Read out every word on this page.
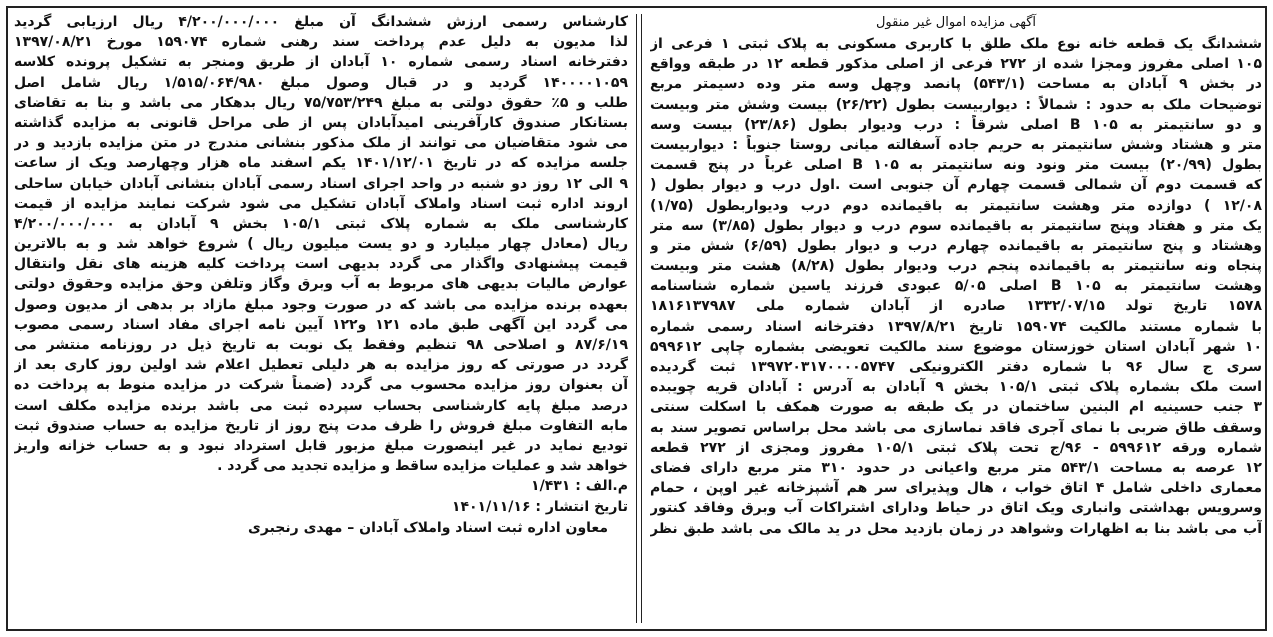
آگهی مزایده اموال غیر منقول
ششدانگ یک قطعه خانه نوع ملک طلق با کاربری مسکونی به پلاک ثبتی ۱ فرعی از
۱۰۵ اصلی مفروز ومجزا شده از ۲۷۲ فرعی از اصلی مذکور قطعه ۱۲ در طبقه وواقع
در بخش ۹ آبادان به مساحت (۵۴۳/۱) پانصد وچهل وسه متر وده دسیمتر مربع
توضیحات ملک به حدود : شمالاً : دیواربیست بطول (۲۶/۲۲) بیست وشش متر وبیست
و دو سانتیمتر به B ۱۰۵ اصلی شرقاً : درب ودیوار بطول (۲۳/۸۶) بیست وسه
متر و هشتاد وشش سانتیمتر به حریم جاده آسفالته میانی روستا جنوباً : دیواربیست
بطول (۲۰/۹۹) بیست متر ونود ونه سانتیمتر به B ۱۰۵ اصلی غرباً در پنج قسمت
که قسمت دوم آن شمالی قسمت چهارم آن جنوبی است .اول درب و دیوار بطول (
۱۲/۰۸ ) دوازده متر وهشت سانتیمتر به باقیمانده دوم درب ودیواربطول (۱/۷۵)
یک متر و هفتاد وپنج سانتیمتر به باقیمانده سوم درب و دیوار بطول (۳/۸۵) سه متر
وهشتاد و پنج سانتیمتر به باقیمانده چهارم درب و دیوار بطول (۶/۵۹) شش متر و
پنجاه ونه سانتیمتر به باقیمانده پنجم درب ودیوار بطول (۸/۲۸) هشت متر وبیست
وهشت سانتیمتر به ۱۰۵ B اصلی ۵/۰۵ عبودی فرزند یاسین شماره شناسنامه
۱۵۷۸ تاریخ تولد ۱۳۳۲/۰۷/۱۵ صادره از آبادان شماره ملی ۱۸۱۶۱۳۷۹۸۷
با شماره مستند مالکیت ۱۵۹۰۷۴ تاریخ ۱۳۹۷/۸/۲۱ دفترخانه اسناد رسمی شماره
۱۰ شهر آبادان استان خوزستان موضوع سند مالکیت تعویضی بشماره چاپی ۵۹۹۶۱۲
سری ج سال ۹۶ با شماره دفتر الکترونیکی ۱۳۹۷۲۰۳۱۷۰۰۰۰۵۷۴۷ ثبت گردیده
است ملک بشماره پلاک ثبتی ۱۰۵/۱ بخش ۹ آبادان به آدرس : آبادان قریه چویبده
۳ جنب حسینیه ام البنین ساختمان در یک طبقه به صورت همکف با اسکلت سنتی
وسقف طاق ضربی با نمای آجری فاقد نماسازی می باشد محل براساس تصویر سند به
شماره ورقه ۵۹۹۶۱۲ - ۹۶/ج تحت پلاک ثبتی ۱۰۵/۱ مفروز ومجزی از ۲۷۲ قطعه
۱۲ عرصه به مساحت ۵۴۳/۱ متر مربع واعیانی در حدود ۳۱۰ متر مربع دارای فضای
معماری داخلی شامل ۴ اتاق خواب ، هال وپذیرای سر هم آشپزخانه غیر اوپن ، حمام
وسرویس بهداشتی وانباری ویک اتاق در حیاط ودارای اشتراکات آب وبرق وفاقد کنتور
آب می باشد بنا به اظهارات وشواهد در زمان بازدید محل در ید مالک می باشد طبق نظر
کارشناس رسمی ارزش ششدانگ آن مبلغ ۴/۲۰۰/۰۰۰/۰۰۰ ریال ارزیابی گردید
لذا مدیون به دلیل عدم پرداخت سند رهنی شماره ۱۵۹۰۷۴ مورخ ۱۳۹۷/۰۸/۲۱
دفترخانه اسناد رسمی شماره ۱۰ آبادان از طریق ومنجر به تشکیل پرونده کلاسه
۱۴۰۰۰۰۱۰۵۹ گردید و در قبال وصول مبلغ ۱/۵۱۵/۰۶۴/۹۸۰ ریال شامل اصل
طلب و ۵٪ حقوق دولتی به مبلغ ۷۵/۷۵۳/۲۴۹ ریال بدهکار می باشد و بنا به تقاضای
بستانکار صندوق کارآفرینی امیدآبادان پس از طی مراحل قانونی به مزایده گذاشته
می شود متقاضیان می توانند از ملک مذکور بنشانی مندرج در متن مزایده بازدید و در
جلسه مزایده که در تاریخ ۱۴۰۱/۱۲/۰۱ یکم اسفند ماه هزار وچهارصد ویک از ساعت
۹ الی ۱۲ روز دو شنبه در واحد اجرای اسناد رسمی آبادان بنشانی آبادان خیابان ساحلی
اروند اداره ثبت اسناد واملاک آبادان تشکیل می شود شرکت نمایند مزایده از قیمت
کارشناسی ملک به شماره پلاک ثبتی ۱۰۵/۱ بخش ۹ آبادان به ۴/۲۰۰/۰۰۰/۰۰۰
ریال (معادل چهار میلیارد و دو یست میلیون ریال ) شروع خواهد شد و به بالاترین
قیمت پیشنهادی واگذار می گردد بدیهی است پرداخت کلیه هزینه های نقل وانتقال
عوارض مالیات بدیهی های مربوط به آب وبرق وگاز وتلفن وحق مزایده وحقوق دولتی
بعهده برنده مزایده می باشد که در صورت وجود مبلغ مازاد بر بدهی از مدیون وصول
می گردد این آگهی طبق ماده ۱۲۱ و۱۲۲ آیین نامه اجرای مفاد اسناد رسمی مصوب
۸۷/۶/۱۹ و اصلاحی ۹۸ تنظیم وفقط یک نوبت به تاریخ ذیل در روزنامه منتشر می
گردد در صورتی که روز مزایده به هر دلیلی تعطیل اعلام شد اولین روز کاری بعد از
آن بعنوان روز مزایده محسوب می گردد (ضمناً شرکت در مزایده منوط به پرداخت ده
درصد مبلغ پایه کارشناسی بحساب سپرده ثبت می باشد برنده مزایده مکلف است
مابه التفاوت مبلغ فروش را ظرف مدت پنج روز از تاریخ مزایده به حساب صندوق ثبت
تودیع نماید در غیر اینصورت مبلغ مزبور قابل استرداد نبود و به حساب خزانه واریز
خواهد شد و عملیات مزایده ساقط و مزایده تجدید می گردد .
م.الف : ۱/۴۳۱
تاریخ انتشار : ۱۴۰۱/۱۱/۱۶
معاون اداره ثبت اسناد واملاک آبادان – مهدی رنجبری
